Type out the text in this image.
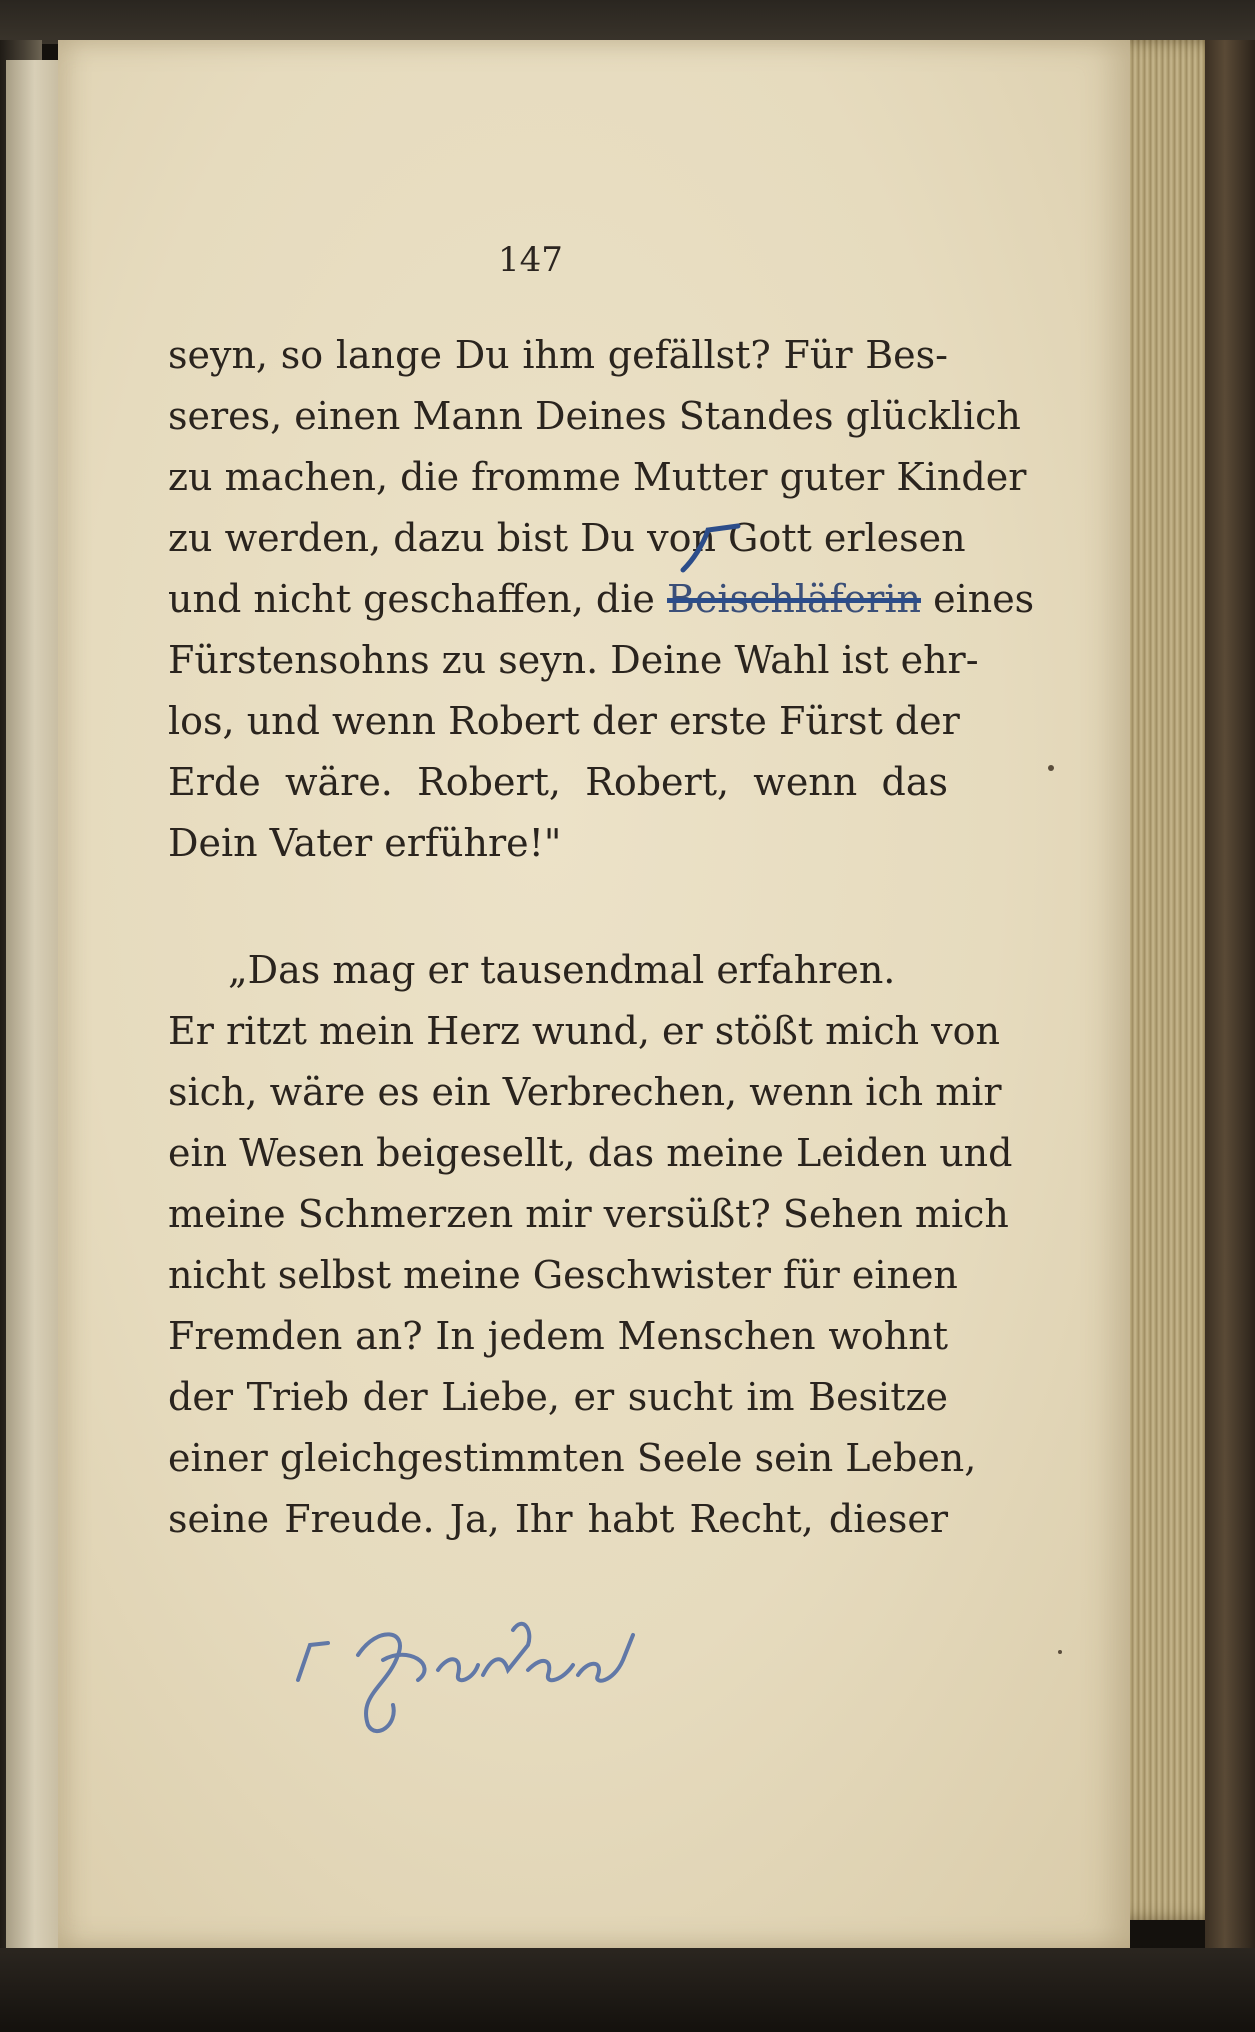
147
seyn, so lange Du ihm gefällst? Für Bes-
seres, einen Mann Deines Standes glücklich
zu machen, die fromme Mutter guter Kinder
zu werden, dazu bist Du von Gott erlesen
und nicht geschaffen, die Beischläferin eines
Fürstensohns zu seyn. Deine Wahl ist ehr-
los, und wenn Robert der erste Fürst der
Erde wäre. Robert, Robert, wenn das
Dein Vater erführe!"
„Das mag er tausendmal erfahren.
Er ritzt mein Herz wund, er stößt mich von
sich, wäre es ein Verbrechen, wenn ich mir
ein Wesen beigesellt, das meine Leiden und
meine Schmerzen mir versüßt? Sehen mich
nicht selbst meine Geschwister für einen
Fremden an? In jedem Menschen wohnt
der Trieb der Liebe, er sucht im Besitze
einer gleichgestimmten Seele sein Leben,
seine Freude. Ja, Ihr habt Recht, dieser
